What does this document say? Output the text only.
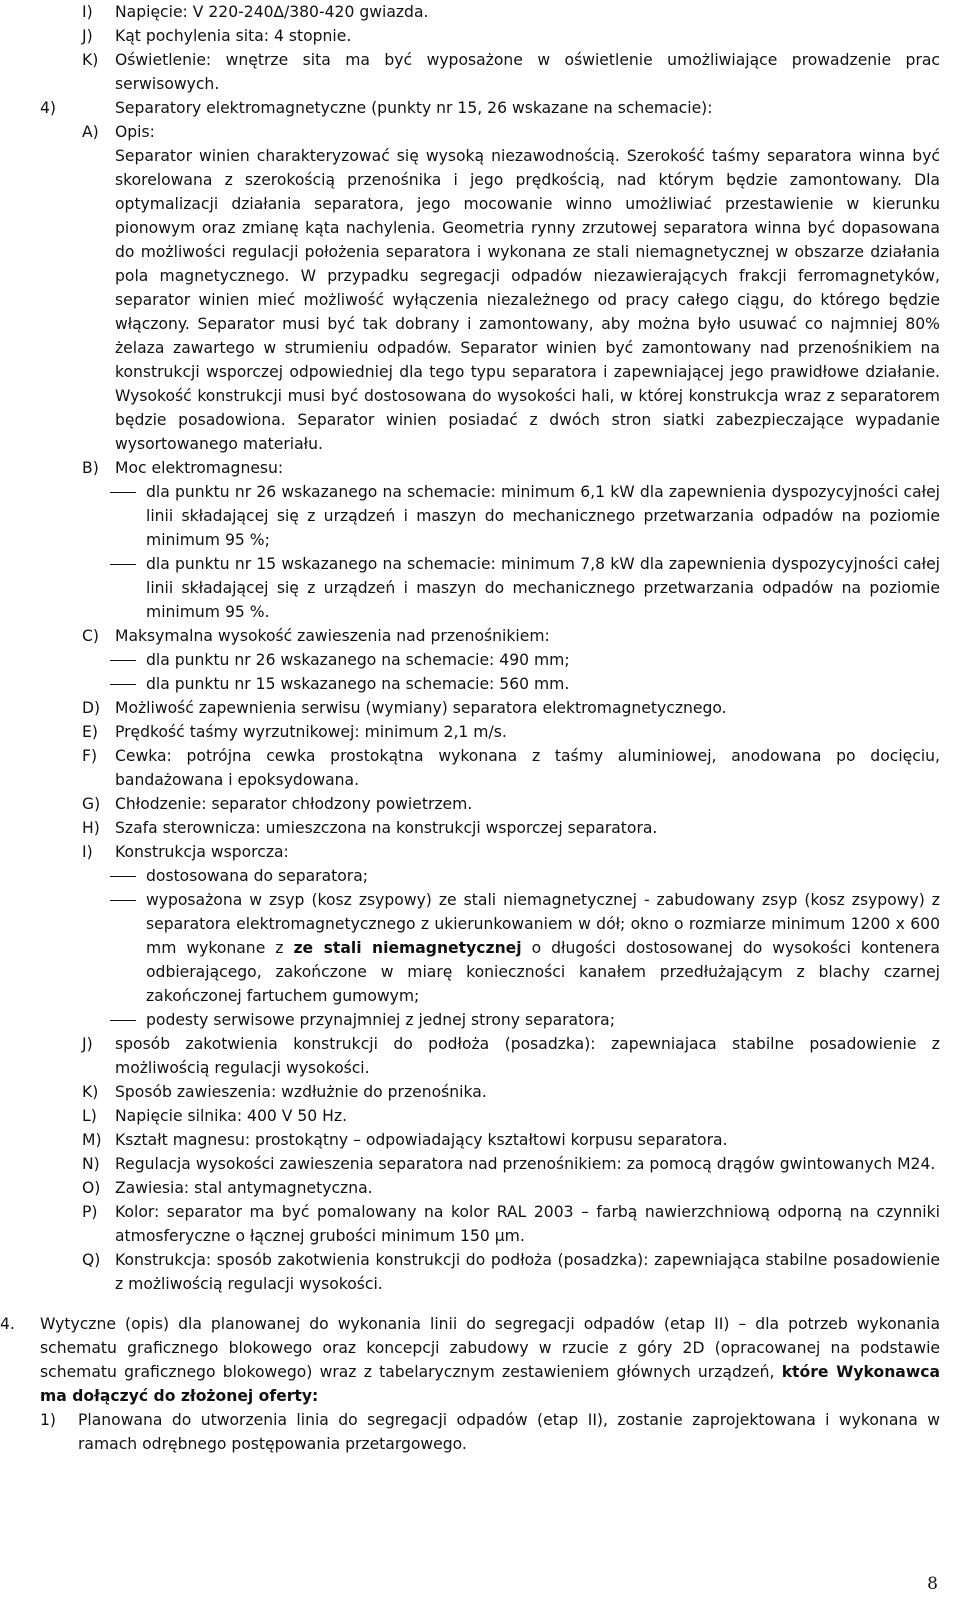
I) Napięcie: V 220-240∆/380-420 gwiazda.
J) Kąt pochylenia sita: 4 stopnie.
K) Oświetlenie: wnętrze sita ma być wyposażone w oświetlenie umożliwiające prowadzenie prac serwisowych.
4)	Separatory elektromagnetyczne (punkty nr 15, 26 wskazane na schemacie):
A) Opis:
Separator winien charakteryzować się wysoką niezawodnością. Szerokość taśmy separatora winna być skorelowana z szerokością przenośnika i jego prędkością, nad którym będzie zamontowany. Dla optymalizacji działania separatora, jego mocowanie winno umożliwiać przestawienie w kierunku pionowym oraz zmianę kąta nachylenia. Geometria rynny zrzutowej separatora winna być dopasowana do możliwości regulacji położenia separatora i wykonana ze stali niemagnetycznej w obszarze działania pola magnetycznego. W przypadku segregacji odpadów niezawierających frakcji ferromagnetyków, separator winien mieć możliwość wyłączenia niezależnego od pracy całego ciągu, do którego będzie włączony. Separator musi być tak dobrany i zamontowany, aby można było usuwać co najmniej 80% żelaza zawartego w strumieniu odpadów. Separator winien być zamontowany nad przenośnikiem na konstrukcji wsporczej odpowiedniej dla tego typu separatora i zapewniającej jego prawidłowe działanie. Wysokość konstrukcji musi być dostosowana do wysokości hali, w której konstrukcja wraz z separatorem będzie posadowiona. Separator winien posiadać z dwóch stron siatki zabezpieczające wypadanie wysortowanego materiału.
B) Moc elektromagnesu:
dla punktu nr 26 wskazanego na schemacie: minimum 6,1 kW dla zapewnienia dyspozycyjności całej linii składającej się z urządzeń i maszyn do mechanicznego przetwarzania odpadów na poziomie minimum 95 %;
dla punktu nr 15 wskazanego na schemacie: minimum 7,8 kW dla zapewnienia dyspozycyjności całej linii składającej się z urządzeń i maszyn do mechanicznego przetwarzania odpadów na poziomie minimum 95 %.
C) Maksymalna wysokość zawieszenia nad przenośnikiem:
dla punktu nr 26 wskazanego na schemacie: 490 mm;
dla punktu nr 15 wskazanego na schemacie: 560 mm.
D) Możliwość zapewnienia serwisu (wymiany) separatora elektromagnetycznego.
E) Prędkość taśmy wyrzutnikowej: minimum 2,1 m/s.
F) Cewka: potrójna cewka prostokątna wykonana z taśmy aluminiowej, anodowana po docięciu, bandażowana i epoksydowana.
G) Chłodzenie: separator chłodzony powietrzem.
H) Szafa sterownicza: umieszczona na konstrukcji wsporczej separatora.
I) Konstrukcja wsporcza:
dostosowana do separatora;
wyposażona w zsyp (kosz zsypowy) ze stali niemagnetycznej - zabudowany zsyp (kosz zsypowy) z separatora elektromagnetycznego z ukierunkowaniem w dół; okno o rozmiarze minimum 1200 x 600 mm wykonane z ze stali niemagnetycznej o długości dostosowanej do wysokości kontenera odbierającego, zakończone w miarę konieczności kanałem przedłużającym z blachy czarnej zakończonej fartuchem gumowym;
podesty serwisowe przynajmniej z jednej strony separatora;
J) sposób zakotwienia konstrukcji do podłoża (posadzka): zapewniajaca stabilne posadowienie z możliwością regulacji wysokości.
K) Sposób zawieszenia: wzdłużnie do przenośnika.
L) Napięcie silnika: 400 V 50 Hz.
M) Kształt magnesu: prostokątny – odpowiadający kształtowi korpusu separatora.
N) Regulacja wysokości zawieszenia separatora nad przenośnikiem: za pomocą drągów gwintowanych M24.
O) Zawiesia: stal antymagnetyczna.
P) Kolor: separator ma być pomalowany na kolor RAL 2003 – farbą nawierzchniową odporną na czynniki atmosferyczne o łącznej grubości minimum 150 µm.
Q) Konstrukcja: sposób zakotwienia konstrukcji do podłoża (posadzka): zapewniająca stabilne posadowienie z możliwością regulacji wysokości.
4. Wytyczne (opis) dla planowanej do wykonania linii do segregacji odpadów (etap II) – dla potrzeb wykonania schematu graficznego blokowego oraz koncepcji zabudowy w rzucie z góry 2D (opracowanej na podstawie schematu graficznego blokowego) wraz z tabelarycznym zestawieniem głównych urządzeń, które Wykonawca ma dołączyć do złożonej oferty:
1) Planowana do utworzenia linia do segregacji odpadów (etap II), zostanie zaprojektowana i wykonana w ramach odrębnego postępowania przetargowego.
8
